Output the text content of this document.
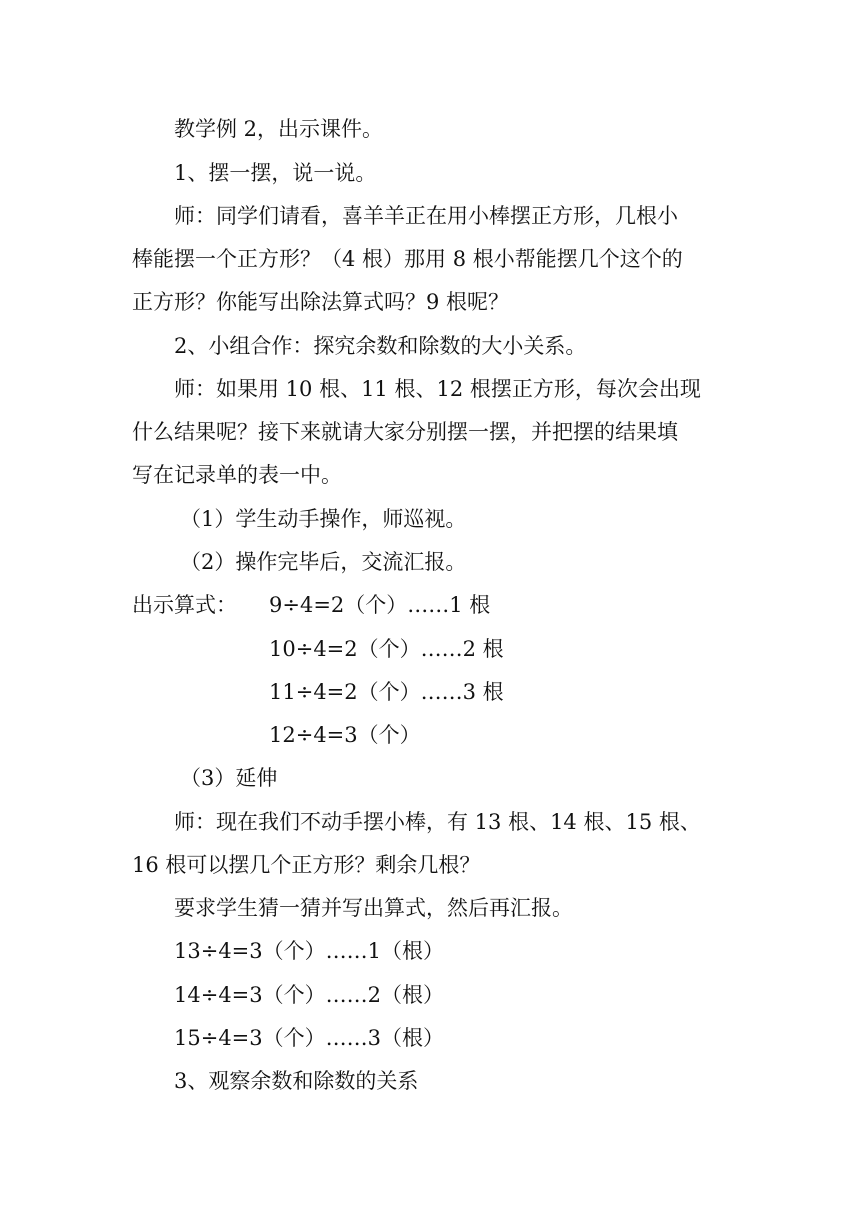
教学例 2，出示课件。
1、摆一摆，说一说。
师：同学们请看，喜羊羊正在用小棒摆正方形，几根小
棒能摆一个正方形？（4 根）那用 8 根小帮能摆几个这个的
正方形？你能写出除法算式吗？9 根呢？
2、小组合作：探究余数和除数的大小关系。
师：如果用 10 根、11 根、12 根摆正方形，每次会出现
什么结果呢？接下来就请大家分别摆一摆，并把摆的结果填
写在记录单的表一中。
（1）学生动手操作，师巡视。
（2）操作完毕后，交流汇报。
出示算式： 9÷4=2（个）……1 根
10÷4=2（个）……2 根
11÷4=2（个）……3 根
12÷4=3（个）
（3）延伸
师：现在我们不动手摆小棒，有 13 根、14 根、15 根、
16 根可以摆几个正方形？剩余几根？
要求学生猜一猜并写出算式，然后再汇报。
13÷4=3（个）……1（根）
14÷4=3（个）……2（根）
15÷4=3（个）……3（根）
3、观察余数和除数的关系
